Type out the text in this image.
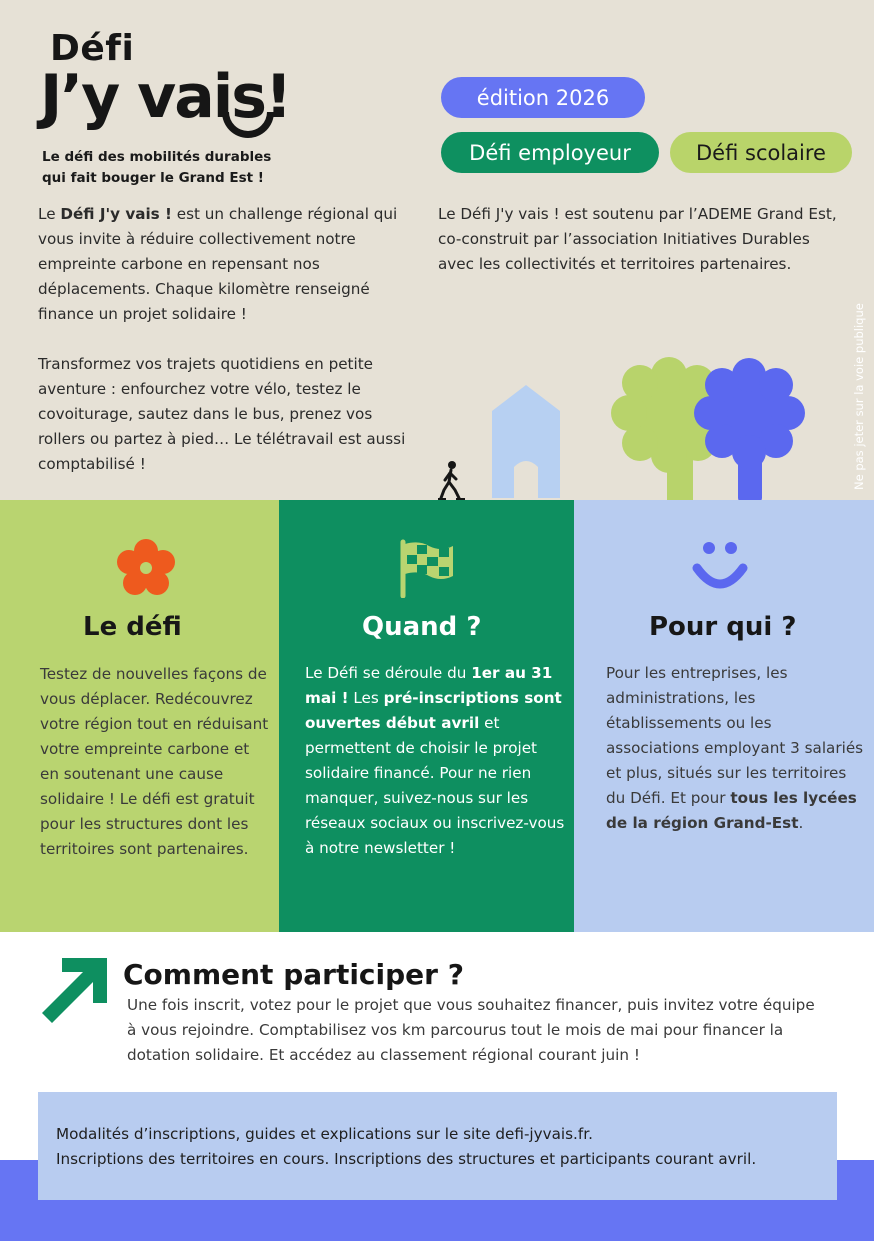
Défi
J’y vais!
Le défi des mobilités durables
qui fait bouger le Grand Est !
édition 2026
Défi employeur	Défi scolaire

Le Défi J'y vais ! est un challenge régional qui vous invite à réduire collectivement notre empreinte carbone en repensant nos déplacements. Chaque kilomètre renseigné finance un projet solidaire !

Transformez vos trajets quotidiens en petite aventure : enfourchez votre vélo, testez le covoiturage, sautez dans le bus, prenez vos rollers ou partez à pied… Le télétravail est aussi comptabilisé !

Le Défi J'y vais ! est soutenu par l’ADEME Grand Est, co-construit par l’association Initiatives Durables avec les collectivités et territoires partenaires.

Ne pas jeter sur la voie publique
Le défi

Testez de nouvelles façons de vous déplacer. Redécouvrez votre région tout en réduisant votre empreinte carbone et en soutenant une cause solidaire ! Le défi est gratuit pour les structures dont les territoires sont partenaires.

Quand ?

Le Défi se déroule du 1er au 31 mai ! Les pré-inscriptions sont ouvertes début avril et permettent de choisir le projet solidaire financé. Pour ne rien manquer, suivez-nous sur les réseaux sociaux ou inscrivez-vous à notre newsletter !

Pour qui ?

Pour les entreprises, les administrations, les établissements ou les associations employant 3 salariés et plus, situés sur les territoires du Défi. Et pour tous les lycées de la région Grand-Est.

Comment participer ?

Une fois inscrit, votez pour le projet que vous souhaitez financer, puis invitez votre équipe à vous rejoindre. Comptabilisez vos km parcourus tout le mois de mai pour financer la dotation solidaire. Et accédez au classement régional courant juin !

Modalités d’inscriptions, guides et explications sur le site defi-jyvais.fr.
Inscriptions des territoires en cours. Inscriptions des structures et participants courant avril.
